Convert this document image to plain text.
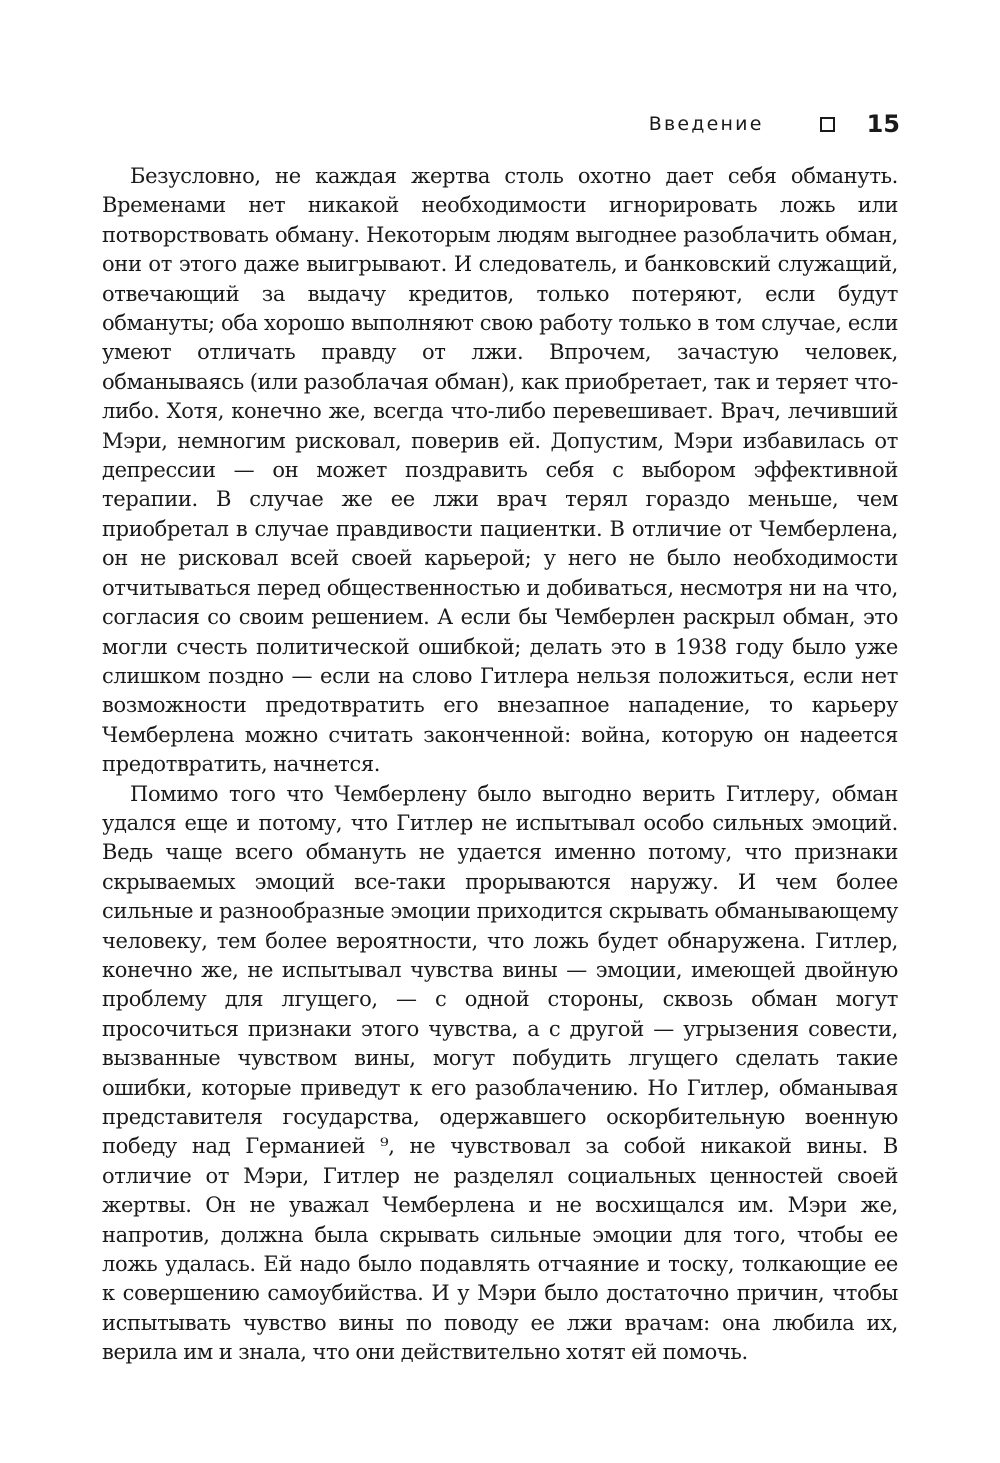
Введение	15

Безусловно, не каждая жертва столь охотно дает себя обмануть. Временами нет никакой необходимости игнорировать ложь или потворствовать обману. Некоторым людям выгоднее разоблачить обман, они от этого даже выигрывают. И следователь, и банковский служащий, отвечающий за выдачу кредитов, только потеряют, если будут обмануты; оба хорошо выполняют свою работу только в том случае, если умеют отличать правду от лжи. Впрочем, зачастую человек, обманываясь (или разоблачая обман), как приобретает, так и теряет что-либо. Хотя, конечно же, всегда что-либо перевешивает. Врач, лечивший Мэри, немногим рисковал, поверив ей. Допустим, Мэри избавилась от депрессии — он может поздравить себя с выбором эффективной терапии. В случае же ее лжи врач терял гораздо меньше, чем приобретал в случае правдивости пациентки. В отличие от Чемберлена, он не рисковал всей своей карьерой; у него не было необходимости отчитываться перед общественностью и добиваться, несмотря ни на что, согласия со своим решением. А если бы Чемберлен раскрыл обман, это могли счесть политической ошибкой; делать это в 1938 году было уже слишком поздно — если на слово Гитлера нельзя положиться, если нет возможности предотвратить его внезапное нападение, то карьеру Чемберлена можно считать законченной: война, которую он надеется предотвратить, начнется.

Помимо того что Чемберлену было выгодно верить Гитлеру, обман удался еще и потому, что Гитлер не испытывал особо сильных эмоций. Ведь чаще всего обмануть не удается именно потому, что признаки скрываемых эмоций все-таки прорываются наружу. И чем более сильные и разнообразные эмоции приходится скрывать обманывающему человеку, тем более вероятности, что ложь будет обнаружена. Гитлер, конечно же, не испытывал чувства вины — эмоции, имеющей двойную проблему для лгущего, — с одной стороны, сквозь обман могут просочиться признаки этого чувства, а с другой — угрызения совести, вызванные чувством вины, могут побудить лгущего сделать такие ошибки, которые приведут к его разоблачению. Но Гитлер, обманывая представителя государства, одержавшего оскорбительную военную победу над Германией ⁹, не чувствовал за собой никакой вины. В отличие от Мэри, Гитлер не разделял социальных ценностей своей жертвы. Он не уважал Чемберлена и не восхищался им. Мэри же, напротив, должна была скрывать сильные эмоции для того, чтобы ее ложь удалась. Ей надо было подавлять отчаяние и тоску, толкающие ее к совершению самоубийства. И у Мэри было достаточно причин, чтобы испытывать чувство вины по поводу ее лжи врачам: она любила их, верила им и знала, что они действительно хотят ей помочь.
